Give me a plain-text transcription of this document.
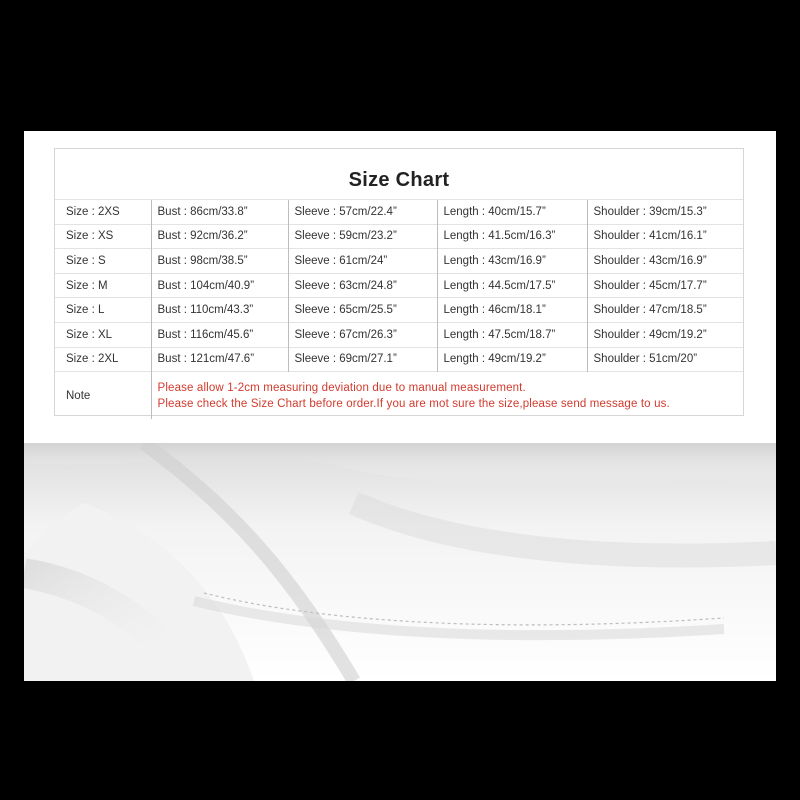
Size Chart
Size : 2XS	Bust : 86cm/33.8”	Sleeve : 57cm/22.4”	Length : 40cm/15.7”	Shoulder : 39cm/15.3”
Size : XS	Bust : 92cm/36.2”	Sleeve : 59cm/23.2”	Length : 41.5cm/16.3”	Shoulder : 41cm/16.1”
Size : S	Bust : 98cm/38.5”	Sleeve : 61cm/24”	Length : 43cm/16.9”	Shoulder : 43cm/16.9”
Size : M	Bust : 104cm/40.9”	Sleeve : 63cm/24.8”	Length : 44.5cm/17.5”	Shoulder : 45cm/17.7”
Size : L	Bust : 110cm/43.3”	Sleeve : 65cm/25.5”	Length : 46cm/18.1”	Shoulder : 47cm/18.5”
Size : XL	Bust : 116cm/45.6”	Sleeve : 67cm/26.3”	Length : 47.5cm/18.7”	Shoulder : 49cm/19.2”
Size : 2XL	Bust : 121cm/47.6”	Sleeve : 69cm/27.1”	Length : 49cm/19.2”	Shoulder : 51cm/20”
Note	Please allow 1-2cm measuring deviation due to manual measurement.
Please check the Size Chart before order.If you are mot sure the size,please send message to us.			
